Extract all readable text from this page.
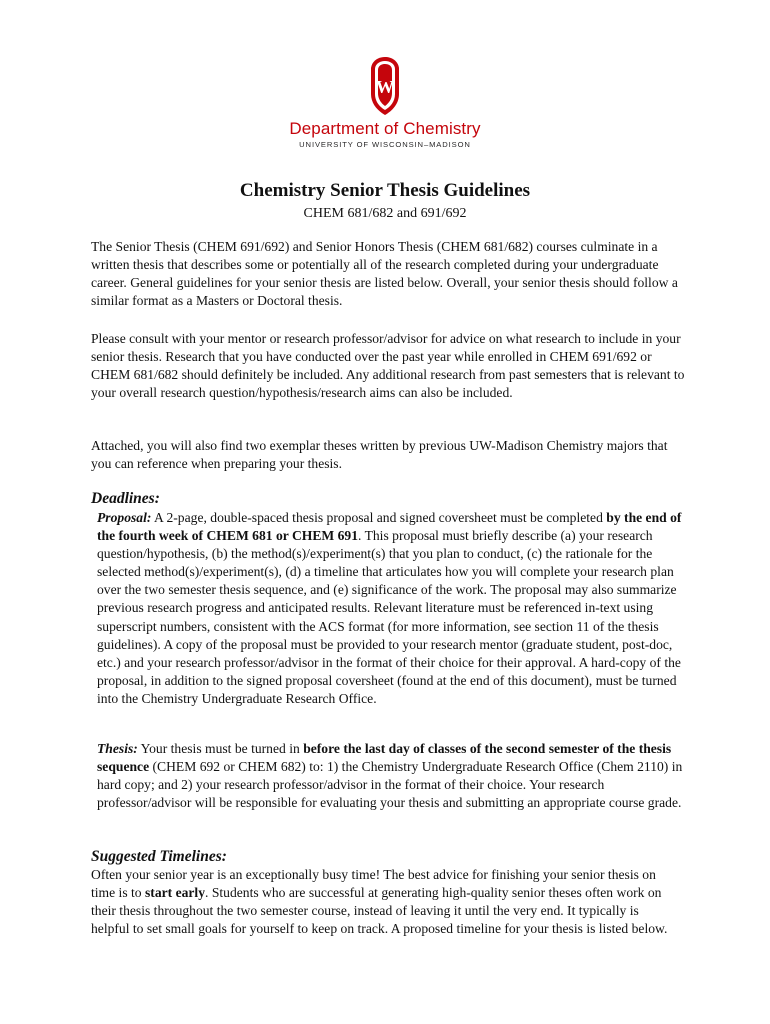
W
Department of Chemistry
UNIVERSITY OF WISCONSIN–MADISON
Chemistry Senior Thesis Guidelines
CHEM 681/682 and 691/692

The Senior Thesis (CHEM 691/692) and Senior Honors Thesis (CHEM 681/682) courses culminate in a written thesis that describes some or potentially all of the research completed during your undergraduate career. General guidelines for your senior thesis are listed below. Overall, your senior thesis should follow a similar format as a Masters or Doctoral thesis.

Please consult with your mentor or research professor/advisor for advice on what research to include in your senior thesis. Research that you have conducted over the past year while enrolled in CHEM 691/692 or CHEM 681/682 should definitely be included. Any additional research from past semesters that is relevant to your overall research question/hypothesis/research aims can also be included.

Attached, you will also find two exemplar theses written by previous UW-Madison Chemistry majors that you can reference when preparing your thesis.

Deadlines:

Proposal: A 2-page, double-spaced thesis proposal and signed coversheet must be completed by the end of the fourth week of CHEM 681 or CHEM 691. This proposal must briefly describe (a) your research question/hypothesis, (b) the method(s)/experiment(s) that you plan to conduct, (c) the rationale for the selected method(s)/experiment(s), (d) a timeline that articulates how you will complete your research plan over the two semester thesis sequence, and (e) significance of the work. The proposal may also summarize previous research progress and anticipated results. Relevant literature must be referenced in-text using superscript numbers, consistent with the ACS format (for more information, see section 11 of the thesis guidelines). A copy of the proposal must be provided to your research mentor (graduate student, post-doc, etc.) and your research professor/advisor in the format of their choice for their approval. A hard-copy of the proposal, in addition to the signed proposal coversheet (found at the end of this document), must be turned into the Chemistry Undergraduate Research Office.

Thesis: Your thesis must be turned in before the last day of classes of the second semester of the thesis sequence (CHEM 692 or CHEM 682) to: 1) the Chemistry Undergraduate Research Office (Chem 2110) in hard copy; and 2) your research professor/advisor in the format of their choice. Your research professor/advisor will be responsible for evaluating your thesis and submitting an appropriate course grade.

Suggested Timelines:

Often your senior year is an exceptionally busy time! The best advice for finishing your senior thesis on time is to start early. Students who are successful at generating high-quality senior theses often work on their thesis throughout the two semester course, instead of leaving it until the very end. It typically is helpful to set small goals for yourself to keep on track. A proposed timeline for your thesis is listed below.
